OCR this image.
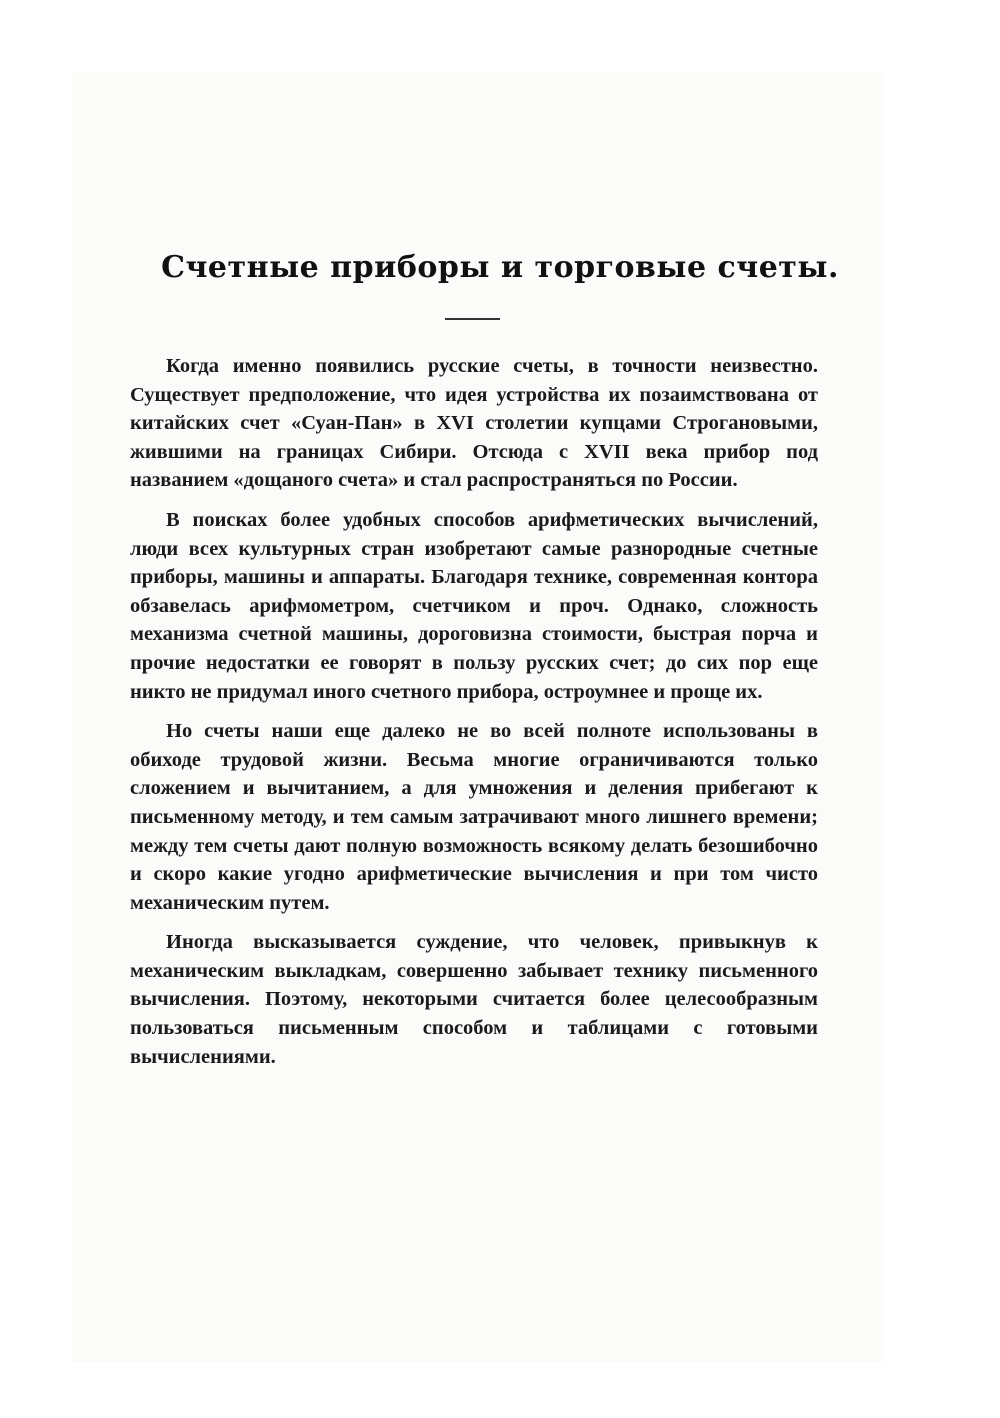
Счетные приборы и торговые счеты.

Когда именно появились русские счеты, в точности неизвестно. Существует предположение, что идея устройства их позаимствована от китайских счет «Суан-Пан» в XVI столетии купцами Строгановыми, жившими на границах Сибири. Отсюда с XVII века прибор под названием «дощаного счета» и стал распространяться по России.

В поисках более удобных способов арифметических вычислений, люди всех культурных стран изобретают самые разнородные счетные приборы, машины и аппараты. Благодаря технике, современная контора обзавелась арифмометром, счетчиком и проч. Однако, сложность механизма счетной машины, дороговизна стоимости, быстрая порча и прочие недостатки ее говорят в пользу русских счет; до сих пор еще никто не придумал иного счетного прибора, остроумнее и проще их.

Но счеты наши еще далеко не во всей полноте использованы в обиходе трудовой жизни. Весьма многие ограничиваются только сложением и вычитанием, а для умножения и деления прибегают к письменному методу, и тем самым затрачивают много лишнего времени; между тем счеты дают полную возможность всякому делать безошибочно и скоро какие угодно арифметические вычисления и при том чисто механическим путем.

Иногда высказывается суждение, что человек, привыкнув к механическим выкладкам, совершенно забывает технику письменного вычисления. Поэтому, некоторыми считается более целесообразным пользоваться письменным способом и таблицами с готовыми вычислениями.
